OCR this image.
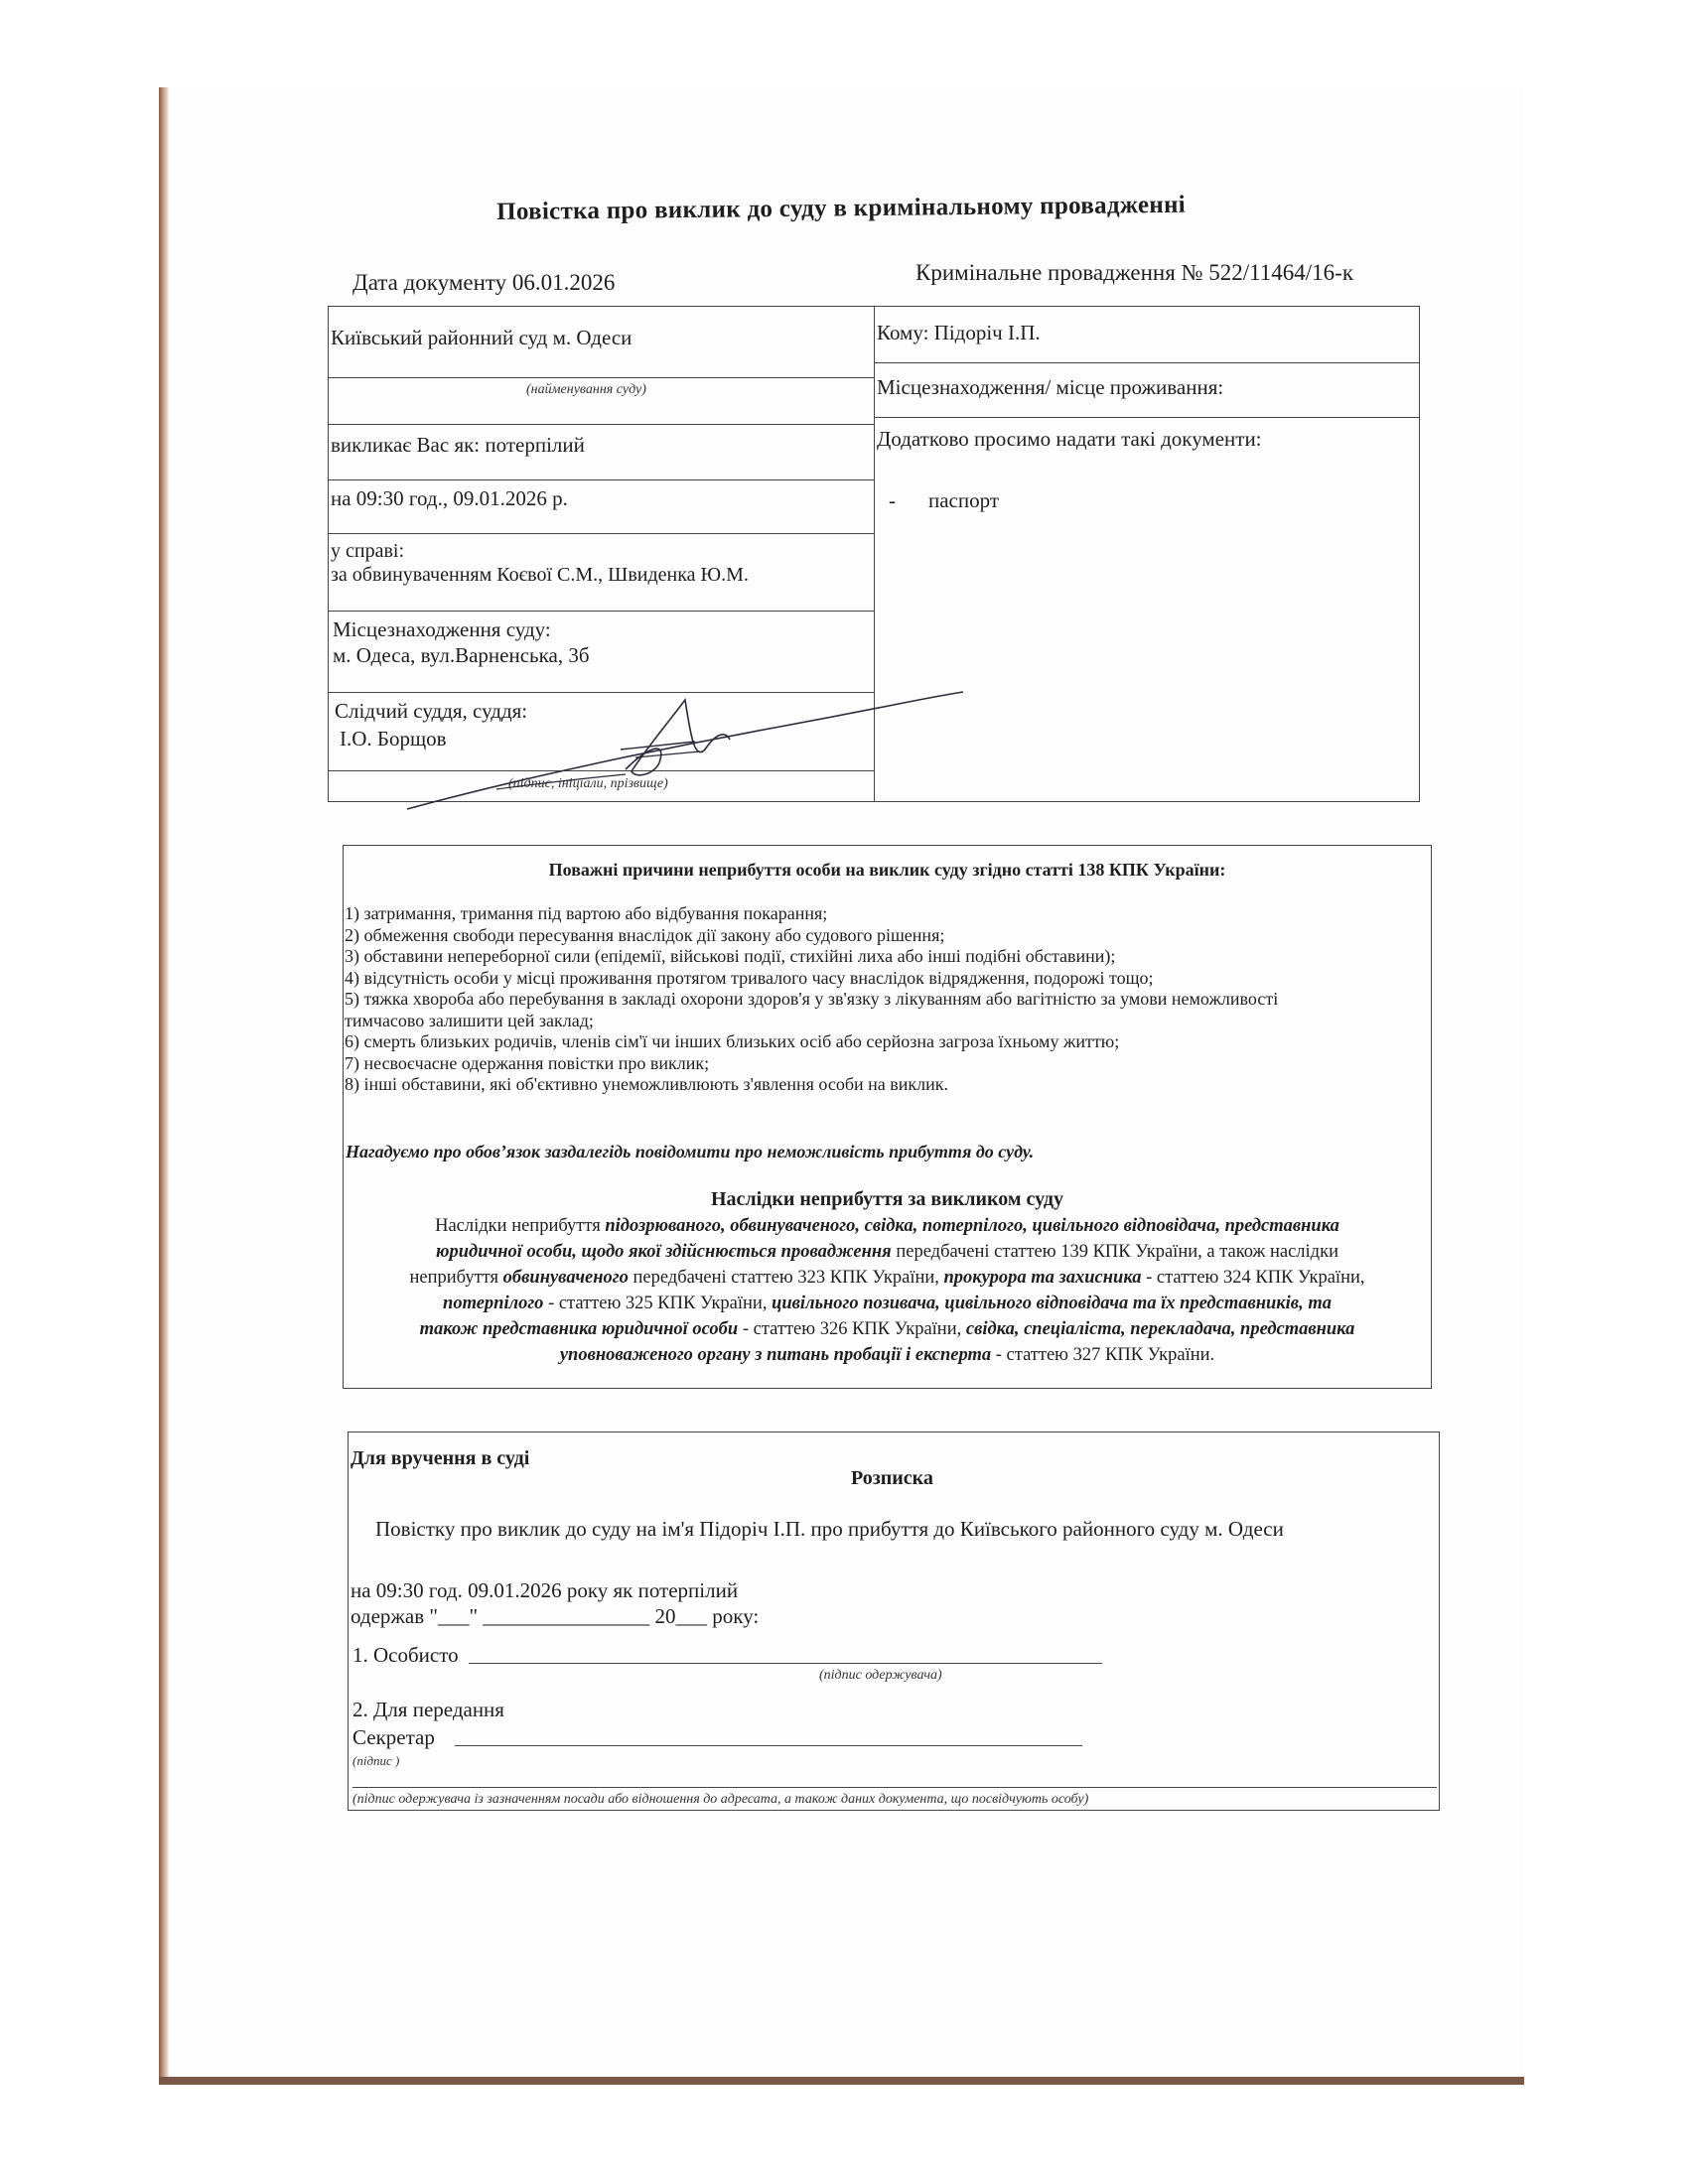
Повістка про виклик до суду в кримінальному провадженні
Дата документу 06.01.2026	Кримінальне провадження № 522/11464/16-к
Київський районний суд м. Одеси
(найменування суду)
викликає Вас як: потерпілий
на 09:30 год., 09.01.2026 р.
у справі:
за обвинуваченням Коєвої С.М., Швиденка Ю.М.
Місцезнаходження суду:
м. Одеса, вул.Варненська, 3б
Слідчий суддя, суддя:
І.О. Борщов
(підпис, ініціали, прізвище)
Кому: Підоріч І.П.
Місцезнаходження/ місце проживання:
Додатково просимо надати такі документи:
- паспорт
Поважні причини неприбуття особи на виклик суду згідно статті 138 КПК України:
1) затримання, тримання під вартою або відбування покарання;
2) обмеження свободи пересування внаслідок дії закону або судового рішення;
3) обставини непереборної сили (епідемії, військові події, стихійні лиха або інші подібні обставини);
4) відсутність особи у місці проживання протягом тривалого часу внаслідок відрядження, подорожі тощо;
5) тяжка хвороба або перебування в закладі охорони здоров'я у зв'язку з лікуванням або вагітністю за умови неможливості
тимчасово залишити цей заклад;
6) смерть близьких родичів, членів сім'ї чи інших близьких осіб або серйозна загроза їхньому життю;
7) несвоєчасне одержання повістки про виклик;
8) інші обставини, які об'єктивно унеможливлюють з'явлення особи на виклик.
Нагадуємо про обов’язок заздалегідь повідомити про неможливість прибуття до суду.
Наслідки неприбуття за викликом суду
Наслідки неприбуття підозрюваного, обвинуваченого, свідка, потерпілого, цивільного відповідача, представника
юридичної особи, щодо якої здійснюється провадження передбачені статтею 139 КПК України, а також наслідки
неприбуття обвинуваченого передбачені статтею 323 КПК України, прокурора та захисника - статтею 324 КПК України,
потерпілого - статтею 325 КПК України, цивільного позивача, цивільного відповідача та їх представників, та
також представника юридичної особи - статтею 326 КПК України, свідка, спеціаліста, перекладача, представника
уповноваженого органу з питань пробації і експерта - статтею 327 КПК України.
Для вручення в суді
Розписка
Повістку про виклик до суду на ім'я Підоріч І.П. про прибуття до Київського районного суду м. Одеси
на 09:30 год. 09.01.2026 року як потерпілий
одержав "___" ________________ 20___ року:
1. Особисто
(підпис одержувача)
2. Для передання
Секретар
(підпис )
(підпис одержувача із зазначенням посади або відношення до адресата, а також даних документа, що посвідчують особу)
